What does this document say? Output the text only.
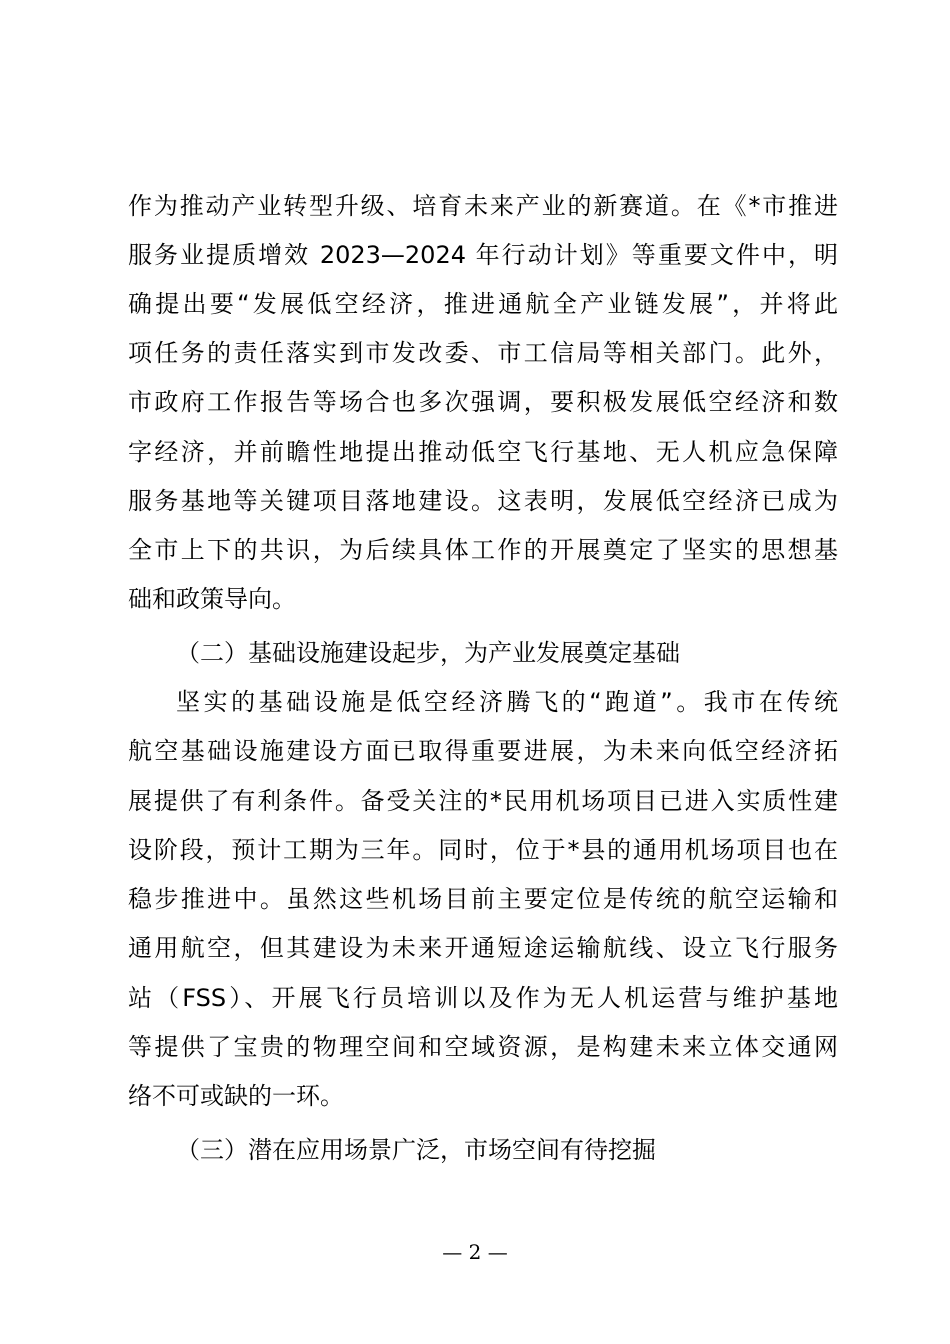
作为推动产业转型升级、培育未来产业的新赛道。在《*市推进
服务业提质增效 2023—2024 年行动计划》等重要文件中，明
确提出要“发展低空经济，推进通航全产业链发展”，并将此
项任务的责任落实到市发改委、市工信局等相关部门。此外，
市政府工作报告等场合也多次强调，要积极发展低空经济和数
字经济，并前瞻性地提出推动低空飞行基地、无人机应急保障
服务基地等关键项目落地建设。这表明，发展低空经济已成为
全市上下的共识，为后续具体工作的开展奠定了坚实的思想基
础和政策导向。
（二）基础设施建设起步，为产业发展奠定基础
坚实的基础设施是低空经济腾飞的“跑道”。我市在传统
航空基础设施建设方面已取得重要进展，为未来向低空经济拓
展提供了有利条件。备受关注的*民用机场项目已进入实质性建
设阶段，预计工期为三年。同时，位于*县的通用机场项目也在
稳步推进中。虽然这些机场目前主要定位是传统的航空运输和
通用航空，但其建设为未来开通短途运输航线、设立飞行服务
站（FSS）、开展飞行员培训以及作为无人机运营与维护基地
等提供了宝贵的物理空间和空域资源，是构建未来立体交通网
络不可或缺的一环。
（三）潜在应用场景广泛，市场空间有待挖掘
— 2 —
